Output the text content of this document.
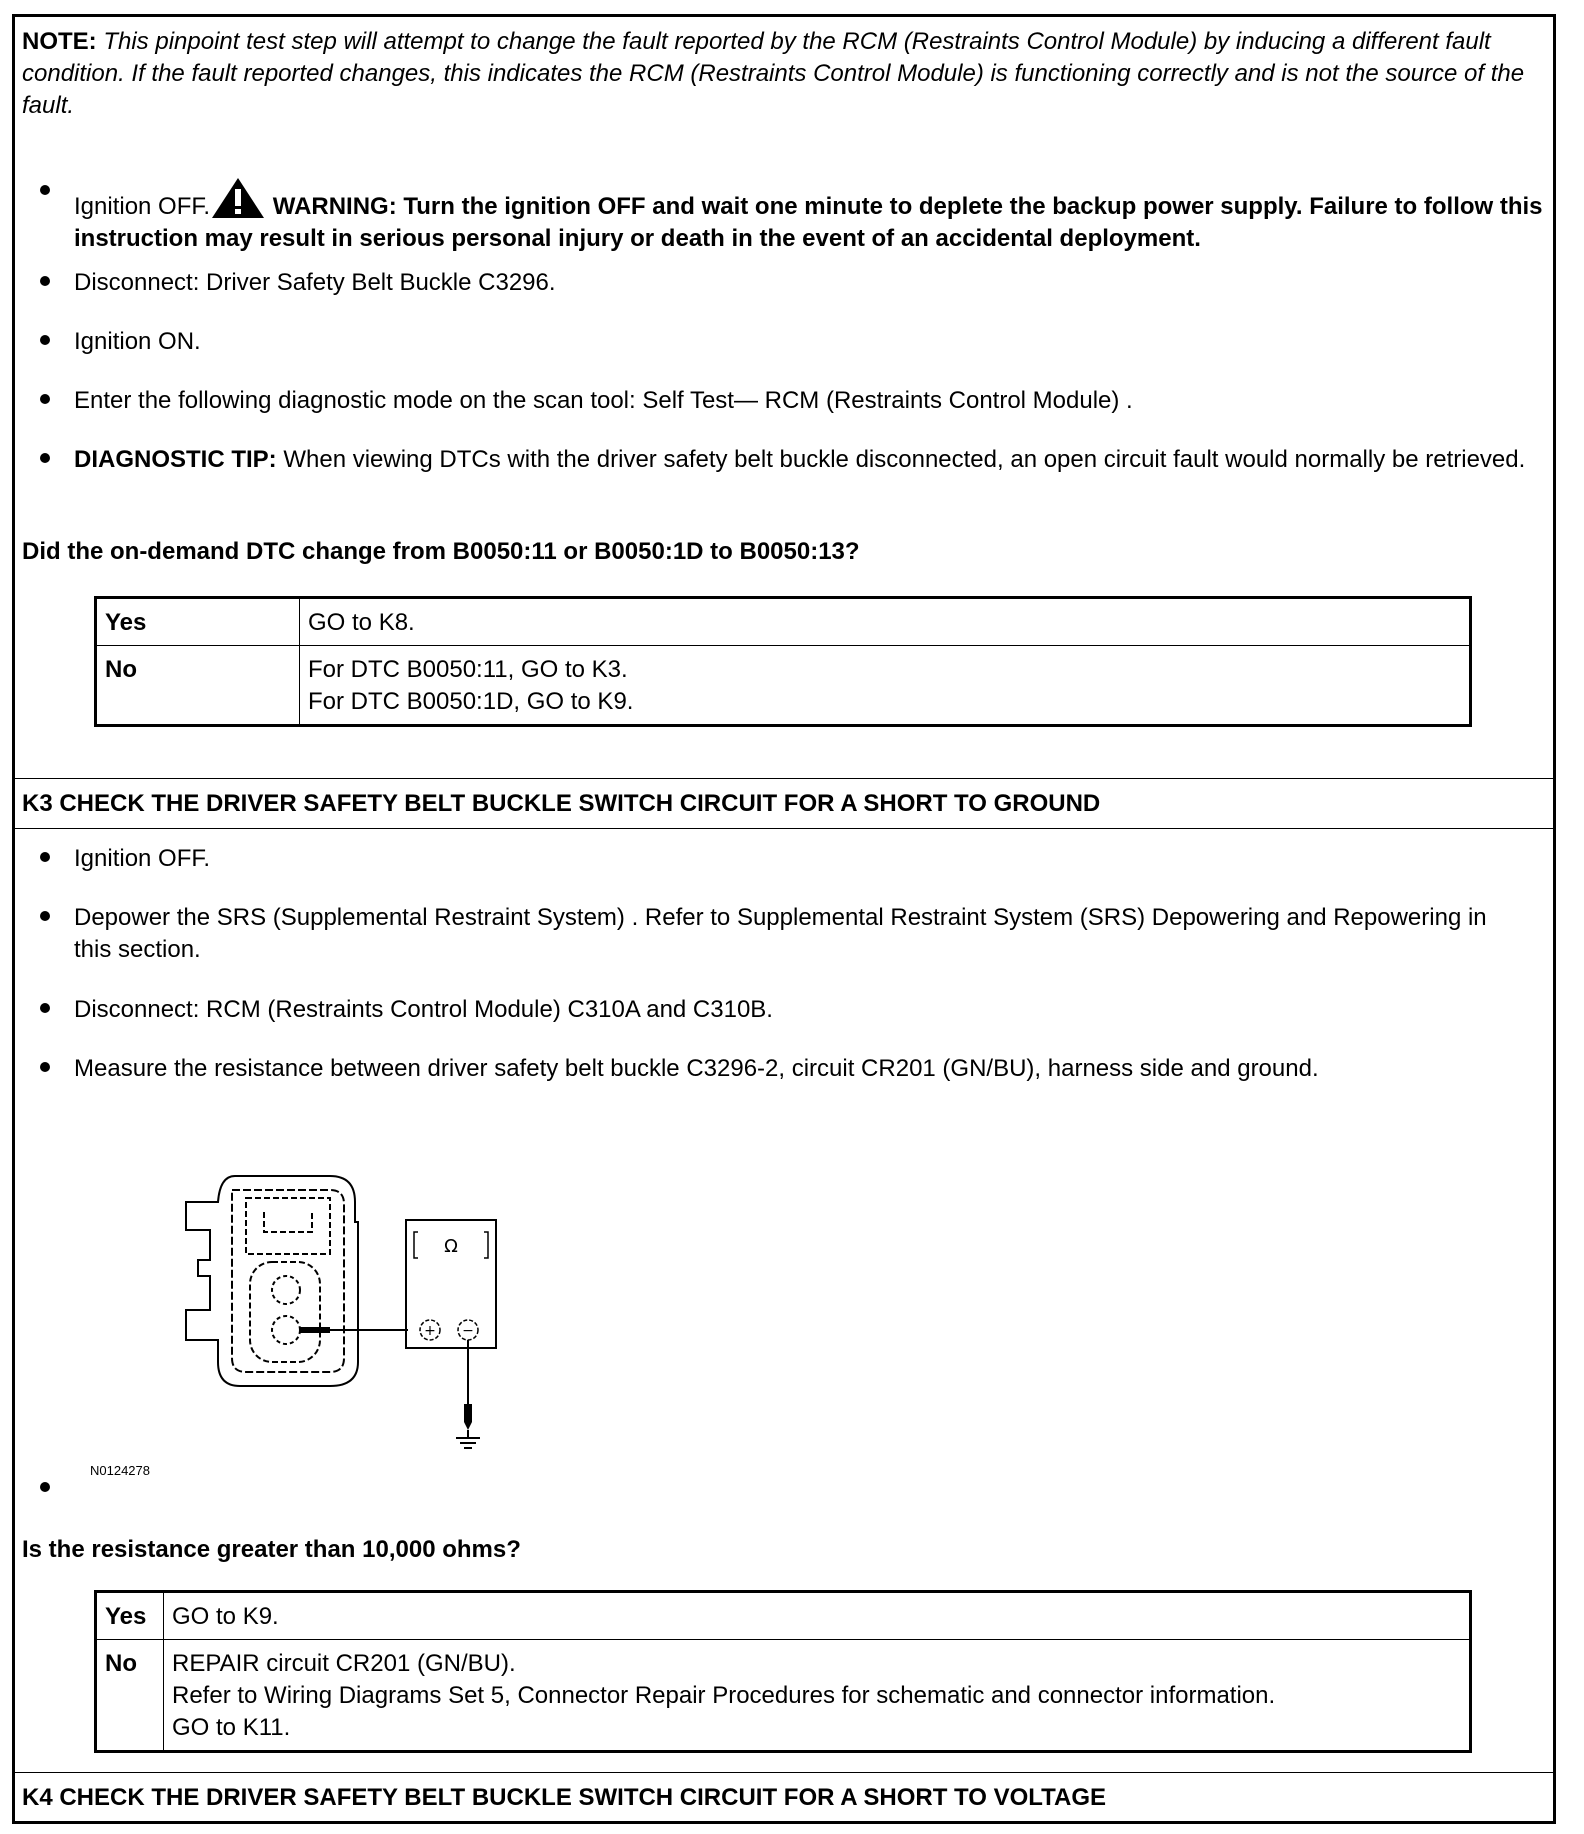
NOTE: This pinpoint test step will attempt to change the fault reported by the RCM (Restraints Control Module) by inducing a different fault condition. If the fault reported changes, this indicates the RCM (Restraints Control Module) is functioning correctly and is not the source of the fault.
Ignition OFF.	WARNING: Turn the ignition OFF and wait one minute to deplete the backup power supply. Failure to follow this instruction may result in serious personal injury or death in the event of an accidental deployment.
Disconnect: Driver Safety Belt Buckle C3296.
Ignition ON.
Enter the following diagnostic mode on the scan tool: Self Test— RCM (Restraints Control Module) .
DIAGNOSTIC TIP: When viewing DTCs with the driver safety belt buckle disconnected, an open circuit fault would normally be retrieved.
Did the on-demand DTC change from B0050:11 or B0050:1D to B0050:13?
Yes	GO to K8.
No	For DTC B0050:11, GO to K3.
For DTC B0050:1D, GO to K9.
K3 CHECK THE DRIVER SAFETY BELT BUCKLE SWITCH CIRCUIT FOR A SHORT TO GROUND
Ignition OFF.
Depower the SRS (Supplemental Restraint System) . Refer to Supplemental Restraint System (SRS) Depowering and Repowering in this section.
Disconnect: RCM (Restraints Control Module) C310A and C310B.
Measure the resistance between driver safety belt buckle C3296-2, circuit CR201 (GN/BU), harness side and ground.
Ω
+ −
N0124278
Is the resistance greater than 10,000 ohms?
Yes	GO to K9.
No	REPAIR circuit CR201 (GN/BU).
Refer to Wiring Diagrams Set 5, Connector Repair Procedures for schematic and connector information.
GO to K11.
K4 CHECK THE DRIVER SAFETY BELT BUCKLE SWITCH CIRCUIT FOR A SHORT TO VOLTAGE
